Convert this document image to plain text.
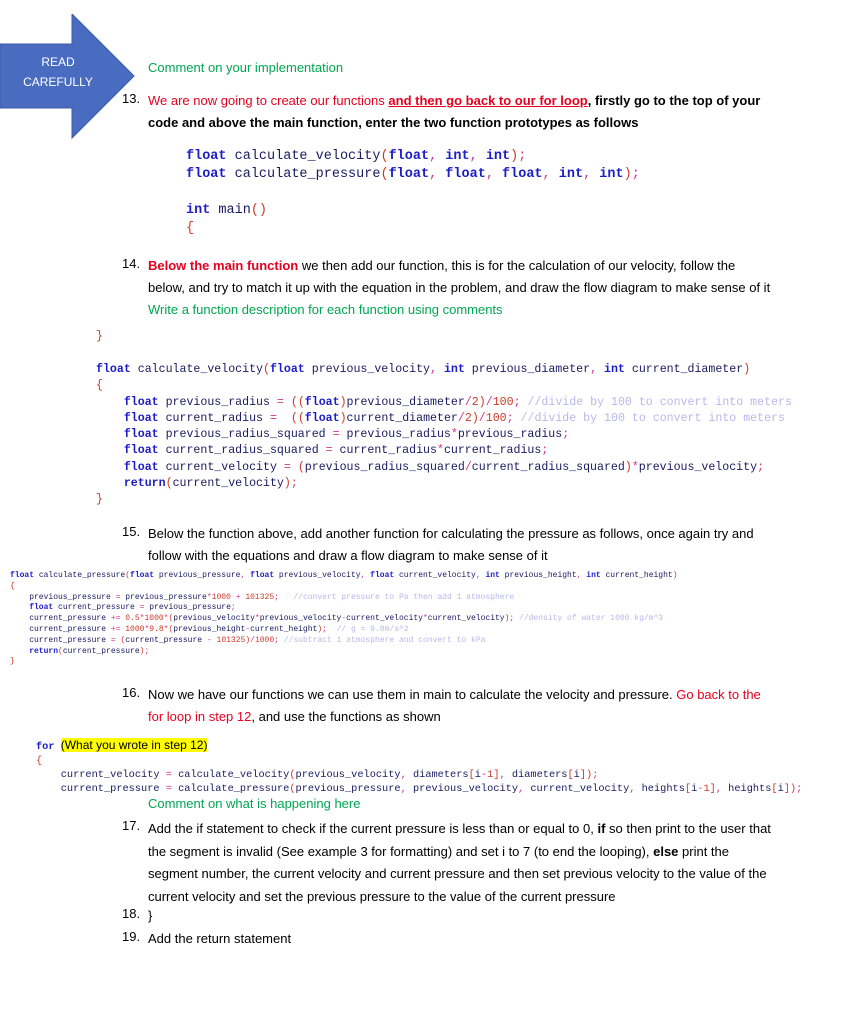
READ
CAREFULLY
Comment on your implementation
13. We are now going to create our functions and then go back to our for loop, firstly go to the top of your
code and above the main function, enter the two function prototypes as follows
float calculate_velocity(float, int, int);
float calculate_pressure(float, float, float, int, int);

int main()
{
14. Below the main function we then add our function, this is for the calculation of our velocity, follow the
below, and try to match it up with the equation in the problem, and draw the flow diagram to make sense of it
Write a function description for each function using comments
}
float calculate_velocity(float previous_velocity, int previous_diameter, int current_diameter)
{
float previous_radius = ((float)previous_diameter/2)/100; //divide by 100 to convert into meters
float current_radius = ((float)current_diameter/2)/100; //divide by 100 to convert into meters
float previous_radius_squared = previous_radius*previous_radius;
float current_radius_squared = current_radius*current_radius;
float current_velocity = (previous_radius_squared/current_radius_squared)*previous_velocity;
return(current_velocity);
}
15. Below the function above, add another function for calculating the pressure as follows, once again try and
follow with the equations and draw a flow diagram to make sense of it
float calculate_pressure(float previous_pressure, float previous_velocity, float current_velocity, int previous_height, int current_height)
{
previous_pressure = previous_pressure*1000 + 101325; //convert pressure to Pa then add 1 atmosphere
float current_pressure = previous_pressure;
current_pressure += 0.5*1000*(previous_velocity*previous_velocity-current_velocity*current_velocity); //density of water 1000 kg/m^3
current_pressure += 1000*9.8*(previous_height-current_height); // g = 9.8m/s^2
current_pressure = (current_pressure - 101325)/1000; //subtract 1 atmosphere and convert to kPa
return(current_pressure);
}
16. Now we have our functions we can use them in main to calculate the velocity and pressure. Go back to the
for loop in step 12, and use the functions as shown
for (What you wrote in step 12)
{
current_velocity = calculate_velocity(previous_velocity, diameters[i-1], diameters[i]);
current_pressure = calculate_pressure(previous_pressure, previous_velocity, current_velocity, heights[i-1], heights[i]);
Comment on what is happening here
17. Add the if statement to check if the current pressure is less than or equal to 0, if so then print to the user that
the segment is invalid (See example 3 for formatting) and set i to 7 (to end the looping), else print the
segment number, the current velocity and current pressure and then set previous velocity to the value of the
current velocity and set the previous pressure to the value of the current pressure
18. }
19. Add the return statement
